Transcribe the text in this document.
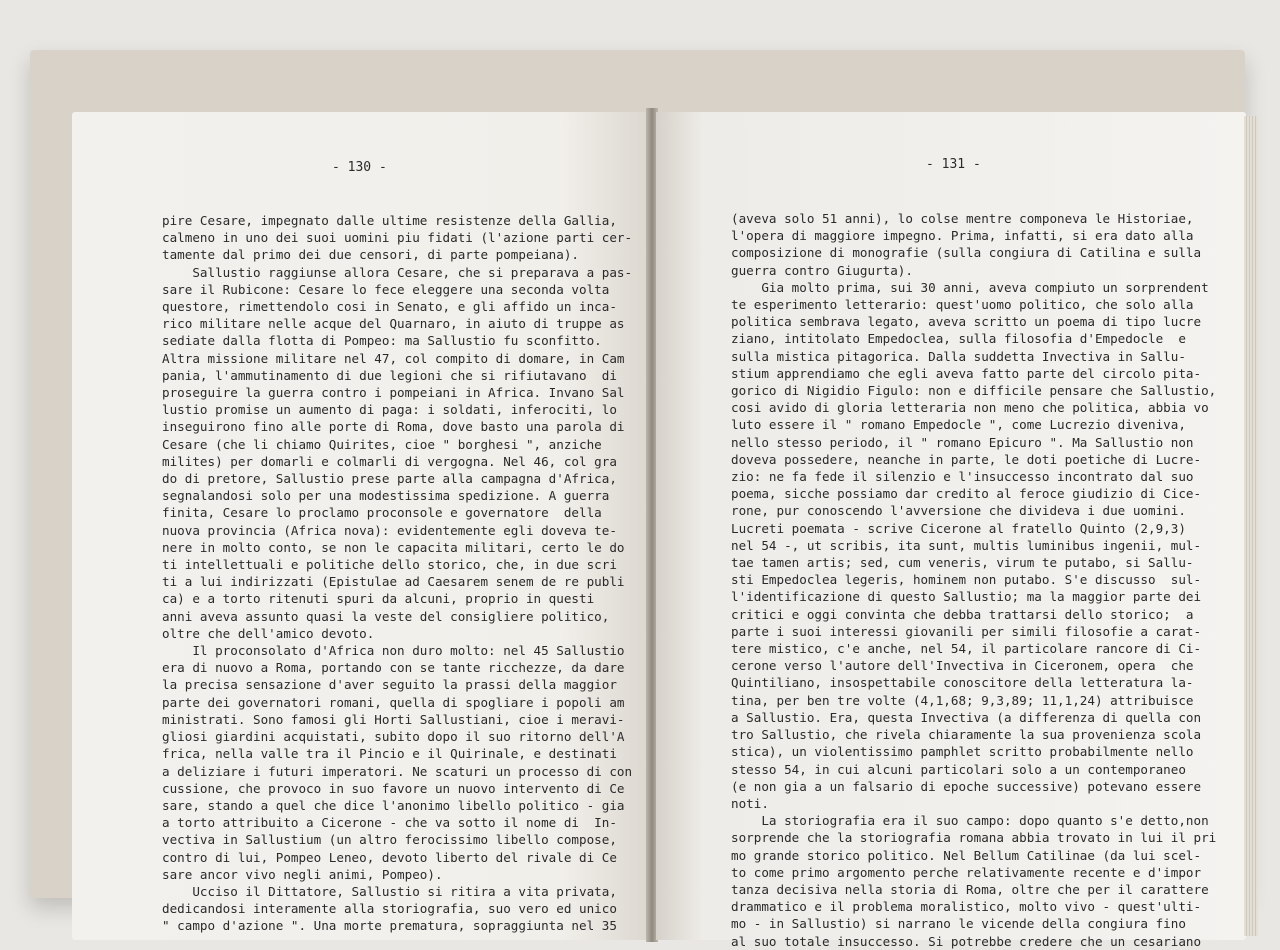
- 130 -
pire Cesare, impegnato dalle ultime resistenze della Gallia,
calmeno in uno dei suoi uomini piu fidati (l'azione parti cer-
tamente dal primo dei due censori, di parte pompeiana).
Sallustio raggiunse allora Cesare, che si preparava a pas-
sare il Rubicone: Cesare lo fece eleggere una seconda volta
questore, rimettendolo cosi in Senato, e gli affido un inca-
rico militare nelle acque del Quarnaro, in aiuto di truppe as
sediate dalla flotta di Pompeo: ma Sallustio fu sconfitto.
Altra missione militare nel 47, col compito di domare, in Cam
pania, l'ammutinamento di due legioni che si rifiutavano  di
proseguire la guerra contro i pompeiani in Africa. Invano Sal
lustio promise un aumento di paga: i soldati, inferociti, lo
inseguirono fino alle porte di Roma, dove basto una parola di
Cesare (che li chiamo Quirites, cioe " borghesi ", anziche
milites) per domarli e colmarli di vergogna. Nel 46, col gra
do di pretore, Sallustio prese parte alla campagna d'Africa,
segnalandosi solo per una modestissima spedizione. A guerra
finita, Cesare lo proclamo proconsole e governatore  della
nuova provincia (Africa nova): evidentemente egli doveva te-
nere in molto conto, se non le capacita militari, certo le do
ti intellettuali e politiche dello storico, che, in due scri
ti a lui indirizzati (Epistulae ad Caesarem senem de re publi
ca) e a torto ritenuti spuri da alcuni, proprio in questi
anni aveva assunto quasi la veste del consigliere politico,
oltre che dell'amico devoto.
Il proconsolato d'Africa non duro molto: nel 45 Sallustio
era di nuovo a Roma, portando con se tante ricchezze, da dare
la precisa sensazione d'aver seguito la prassi della maggior
parte dei governatori romani, quella di spogliare i popoli am
ministrati. Sono famosi gli Horti Sallustiani, cioe i meravi-
gliosi giardini acquistati, subito dopo il suo ritorno dell'A
frica, nella valle tra il Pincio e il Quirinale, e destinati
a deliziare i futuri imperatori. Ne scaturi un processo di con
cussione, che provoco in suo favore un nuovo intervento di Ce
sare, stando a quel che dice l'anonimo libello politico - gia
a torto attribuito a Cicerone - che va sotto il nome di  In-
vectiva in Sallustium (un altro ferocissimo libello compose,
contro di lui, Pompeo Leneo, devoto liberto del rivale di Ce
sare ancor vivo negli animi, Pompeo).
Ucciso il Dittatore, Sallustio si ritira a vita privata,
dedicandosi interamente alla storiografia, suo vero ed unico
" campo d'azione ". Una morte prematura, sopraggiunta nel 35
- 131 -
(aveva solo 51 anni), lo colse mentre componeva le Historiae,
l'opera di maggiore impegno. Prima, infatti, si era dato alla
composizione di monografie (sulla congiura di Catilina e sulla
guerra contro Giugurta).
Gia molto prima, sui 30 anni, aveva compiuto un sorprendent
te esperimento letterario: quest'uomo politico, che solo alla
politica sembrava legato, aveva scritto un poema di tipo lucre
ziano, intitolato Empedoclea, sulla filosofia d'Empedocle  e
sulla mistica pitagorica. Dalla suddetta Invectiva in Sallu-
stium apprendiamo che egli aveva fatto parte del circolo pita-
gorico di Nigidio Figulo: non e difficile pensare che Sallustio,
cosi avido di gloria letteraria non meno che politica, abbia vo
luto essere il " romano Empedocle ", come Lucrezio diveniva,
nello stesso periodo, il " romano Epicuro ". Ma Sallustio non
doveva possedere, neanche in parte, le doti poetiche di Lucre-
zio: ne fa fede il silenzio e l'insuccesso incontrato dal suo
poema, sicche possiamo dar credito al feroce giudizio di Cice-
rone, pur conoscendo l'avversione che divideva i due uomini.
Lucreti poemata - scrive Cicerone al fratello Quinto (2,9,3)
nel 54 -, ut scribis, ita sunt, multis luminibus ingenii, mul-
tae tamen artis; sed, cum veneris, virum te putabo, si Sallu-
sti Empedoclea legeris, hominem non putabo. S'e discusso  sul-
l'identificazione di questo Sallustio; ma la maggior parte dei
critici e oggi convinta che debba trattarsi dello storico;  a
parte i suoi interessi giovanili per simili filosofie a carat-
tere mistico, c'e anche, nel 54, il particolare rancore di Ci-
cerone verso l'autore dell'Invectiva in Ciceronem, opera  che
Quintiliano, insospettabile conoscitore della letteratura la-
tina, per ben tre volte (4,1,68; 9,3,89; 11,1,24) attribuisce
a Sallustio. Era, questa Invectiva (a differenza di quella con
tro Sallustio, che rivela chiaramente la sua provenienza scola
stica), un violentissimo pamphlet scritto probabilmente nello
stesso 54, in cui alcuni particolari solo a un contemporaneo
(e non gia a un falsario di epoche successive) potevano essere
noti.
La storiografia era il suo campo: dopo quanto s'e detto,non
sorprende che la storiografia romana abbia trovato in lui il pri
mo grande storico politico. Nel Bellum Catilinae (da lui scel-
to come primo argomento perche relativamente recente e d'impor
tanza decisiva nella storia di Roma, oltre che per il carattere
drammatico e il problema moralistico, molto vivo - quest'ulti-
mo - in Sallustio) si narrano le vicende della congiura fino
al suo totale insuccesso. Si potrebbe credere che un cesariano
